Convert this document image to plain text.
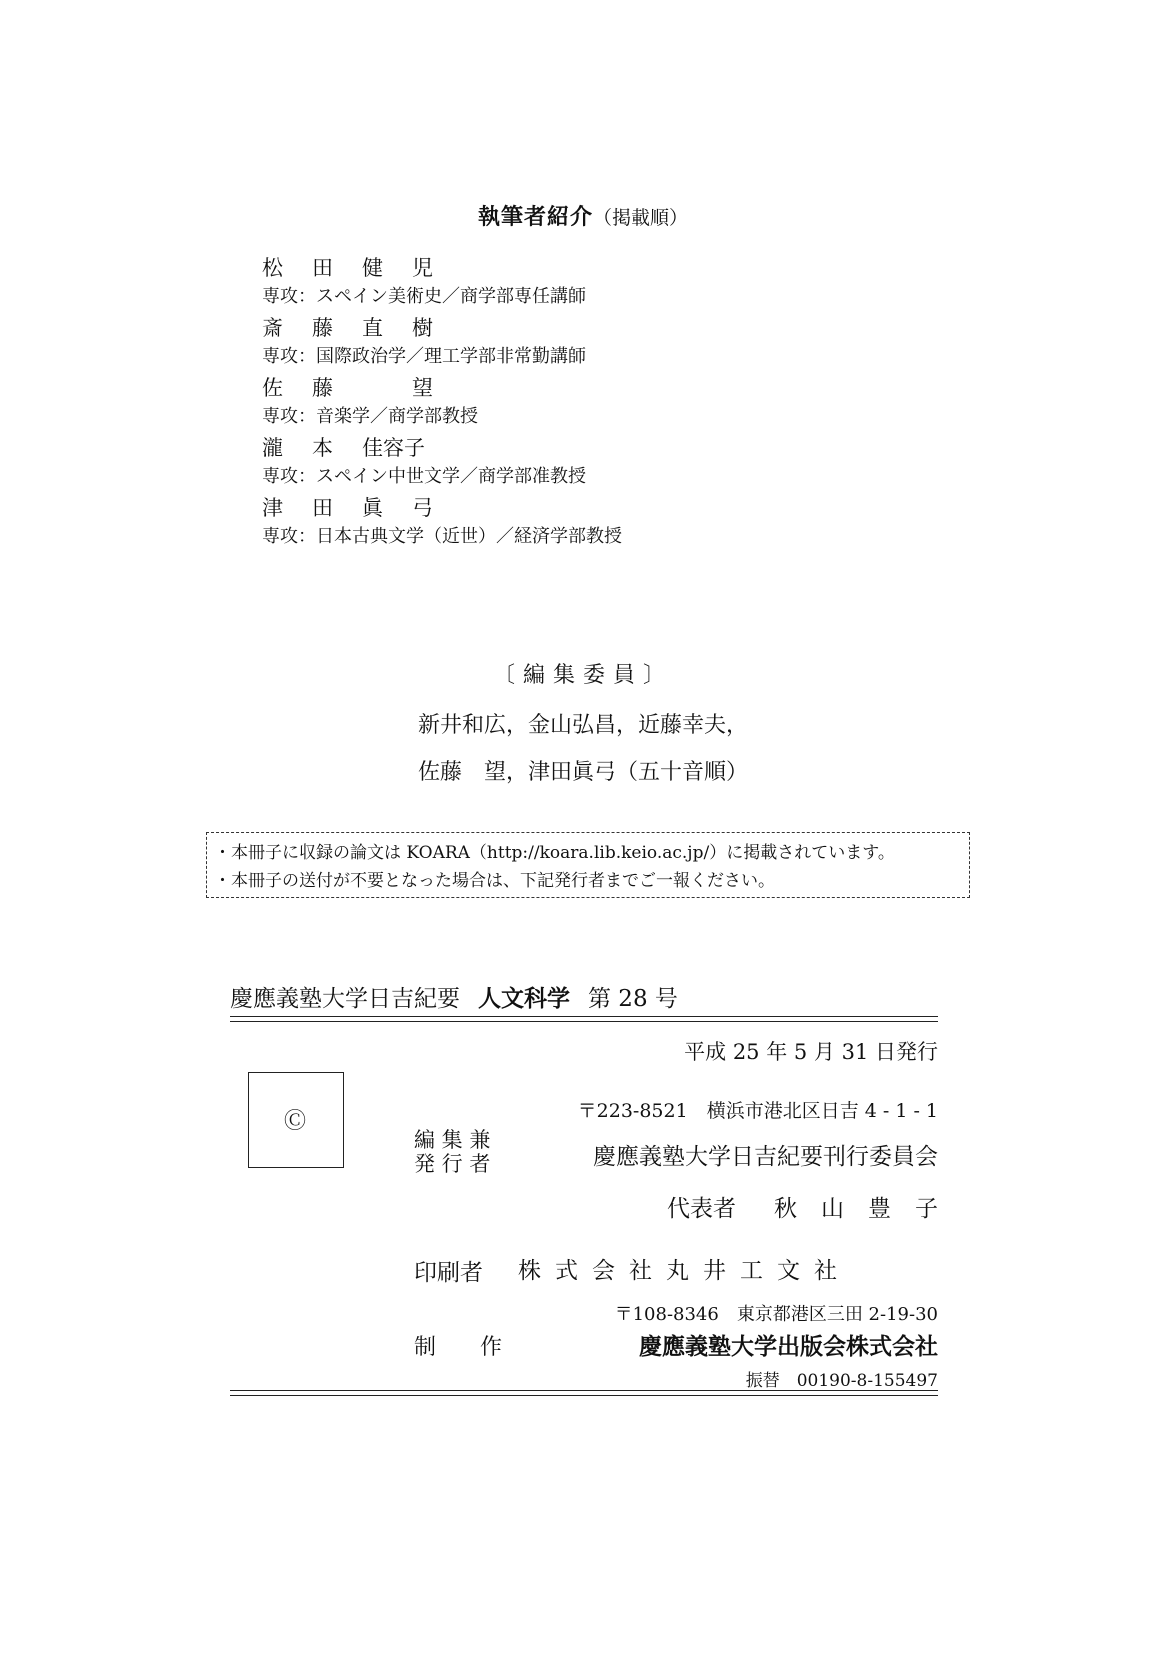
執筆者紹介（掲載順）
松 田 健 児
専攻：スペイン美術史／商学部専任講師
斎 藤 直 樹
専攻：国際政治学／理工学部非常勤講師
佐 藤	望
専攻：音楽学／商学部教授
瀧 本 佳容子
専攻：スペイン中世文学／商学部准教授
津 田 眞 弓
専攻：日本古典文学（近世）／経済学部教授
〔編集委員〕
新井和広，金山弘昌，近藤幸夫，
佐藤　望，津田眞弓（五十音順）
・本冊子に収録の論文は KOARA（http://koara.lib.keio.ac.jp/）に掲載されています。
・本冊子の送付が不要となった場合は、下記発行者までご一報ください。
慶應義塾大学日吉紀要 人文科学 第 28 号
平成 25 年 5 月 31 日発行
Ⓒ	〒223-8521　横浜市港北区日吉 4 - 1 - 1
編 集 兼
発 行 者	慶應義塾大学日吉紀要刊行委員会
代表者 秋 山 豊 子
印刷者 株式会社丸井工文社
〒108-8346　東京都港区三田 2-19-30
制　　作	慶應義塾大学出版会株式会社
振替　00190-8-155497
